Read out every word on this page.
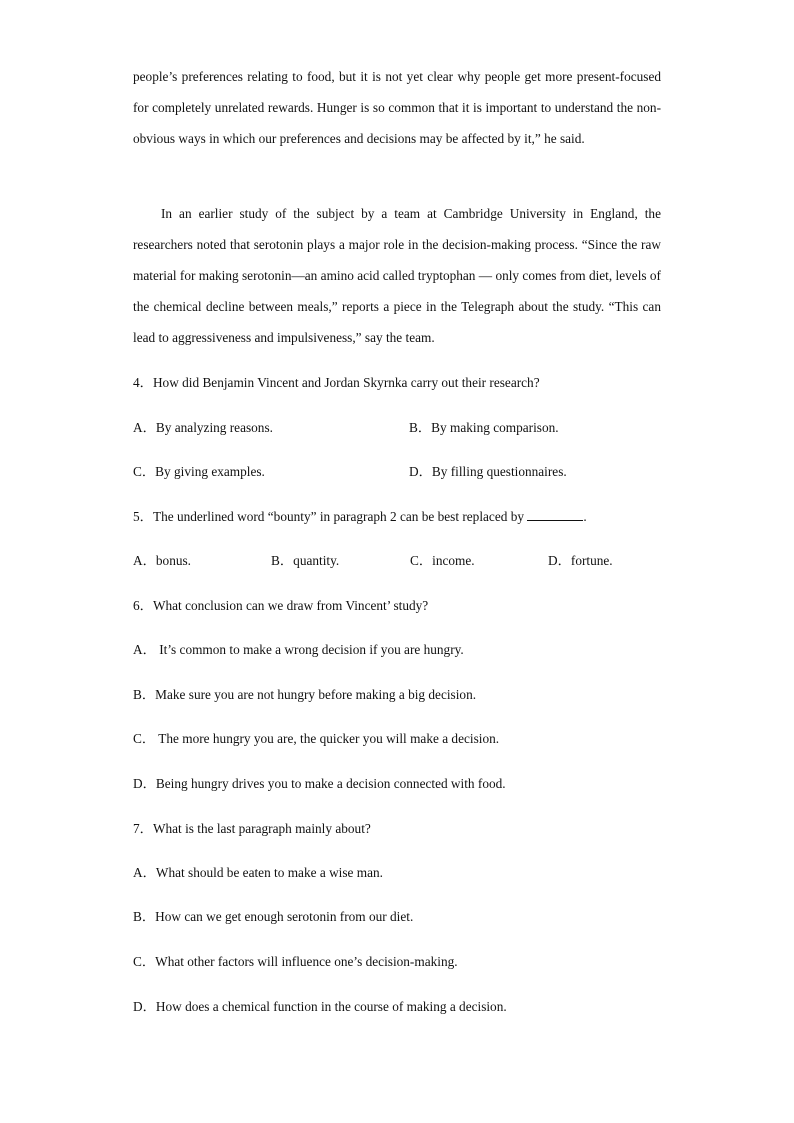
people’s preferences relating to food, but it is not yet clear why people get more present-focused for completely unrelated rewards. Hunger is so common that it is important to understand the non-obvious ways in which our preferences and decisions may be affected by it,” he said.

In an earlier study of the subject by a team at Cambridge University in England, the researchers noted that serotonin plays a major role in the decision-making process. “Since the raw material for making serotonin—an amino acid called tryptophan — only comes from diet, levels of the chemical decline between meals,” reports a piece in the Telegraph about the study. “This can lead to aggressiveness and impulsiveness,” say the team.

4．How did Benjamin Vincent and Jordan Skyrnka carry out their research?
A．By analyzing reasons.	B．By making comparison.
C．By giving examples.	D．By filling questionnaires.
5．The underlined word “bounty” in paragraph 2 can be best replaced by	.
A．bonus.	B．quantity.	C．income.	D．fortune.
6．What conclusion can we draw from Vincent’ study?
A． It’s common to make a wrong decision if you are hungry.
B．Make sure you are not hungry before making a big decision.
C． The more hungry you are, the quicker you will make a decision.
D．Being hungry drives you to make a decision connected with food.
7．What is the last paragraph mainly about?
A．What should be eaten to make a wise man.
B．How can we get enough serotonin from our diet.
C．What other factors will influence one’s decision-making.
D．How does a chemical function in the course of making a decision.
